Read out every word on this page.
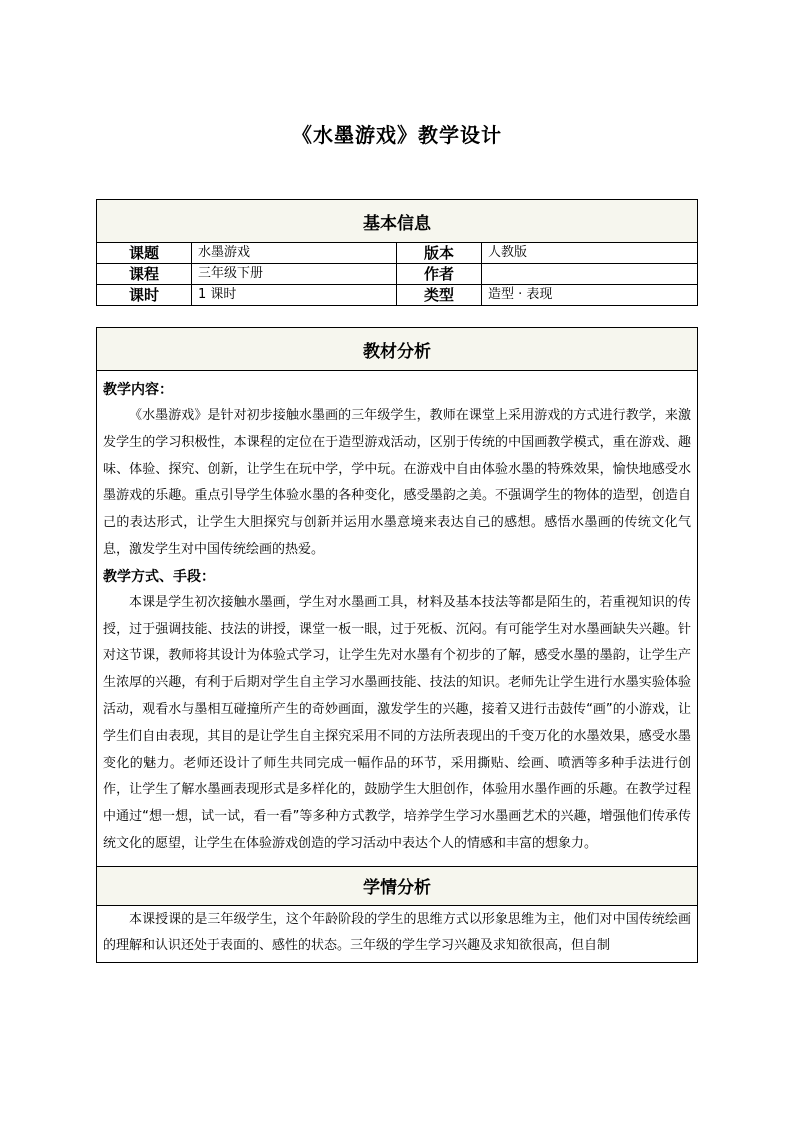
《水墨游戏》教学设计
基本信息			
课题	水墨游戏	版本	人教版
课程	三年级下册	作者	
课时	1 课时	类型	造型 · 表现
教材分析

教学内容：

《水墨游戏》是针对初步接触水墨画的三年级学生，教师在课堂上采用游戏的方式进行教学，来激发学生的学习积极性，本课程的定位在于造型游戏活动，区别于传统的中国画教学模式，重在游戏、趣味、体验、探究、创新，让学生在玩中学，学中玩。在游戏中自由体验水墨的特殊效果，愉快地感受水墨游戏的乐趣。重点引导学生体验水墨的各种变化，感受墨韵之美。不强调学生的物体的造型，创造自己的表达形式，让学生大胆探究与创新并运用水墨意境来表达自己的感想。感悟水墨画的传统文化气息，激发学生对中国传统绘画的热爱。

教学方式、手段：

本课是学生初次接触水墨画，学生对水墨画工具，材料及基本技法等都是陌生的，若重视知识的传授，过于强调技能、技法的讲授，课堂一板一眼，过于死板、沉闷。有可能学生对水墨画缺失兴趣。针对这节课，教师将其设计为体验式学习，让学生先对水墨有个初步的了解，感受水墨的墨韵，让学生产生浓厚的兴趣，有利于后期对学生自主学习水墨画技能、技法的知识。老师先让学生进行水墨实验体验活动，观看水与墨相互碰撞所产生的奇妙画面，激发学生的兴趣，接着又进行击鼓传“画”的小游戏，让学生们自由表现，其目的是让学生自主探究采用不同的方法所表现出的千变万化的水墨效果，感受水墨变化的魅力。老师还设计了师生共同完成一幅作品的环节，采用撕贴、绘画、喷洒等多种手法进行创作，让学生了解水墨画表现形式是多样化的，鼓励学生大胆创作，体验用水墨作画的乐趣。在教学过程中通过“想一想，试一试，看一看”等多种方式教学，培养学生学习水墨画艺术的兴趣，增强他们传承传统文化的愿望，让学生在体验游戏创造的学习活动中表达个人的情感和丰富的想象力。

学情分析

本课授课的是三年级学生，这个年龄阶段的学生的思维方式以形象思维为主，他们对中国传统绘画的理解和认识还处于表面的、感性的状态。三年级的学生学习兴趣及求知欲很高，但自制
